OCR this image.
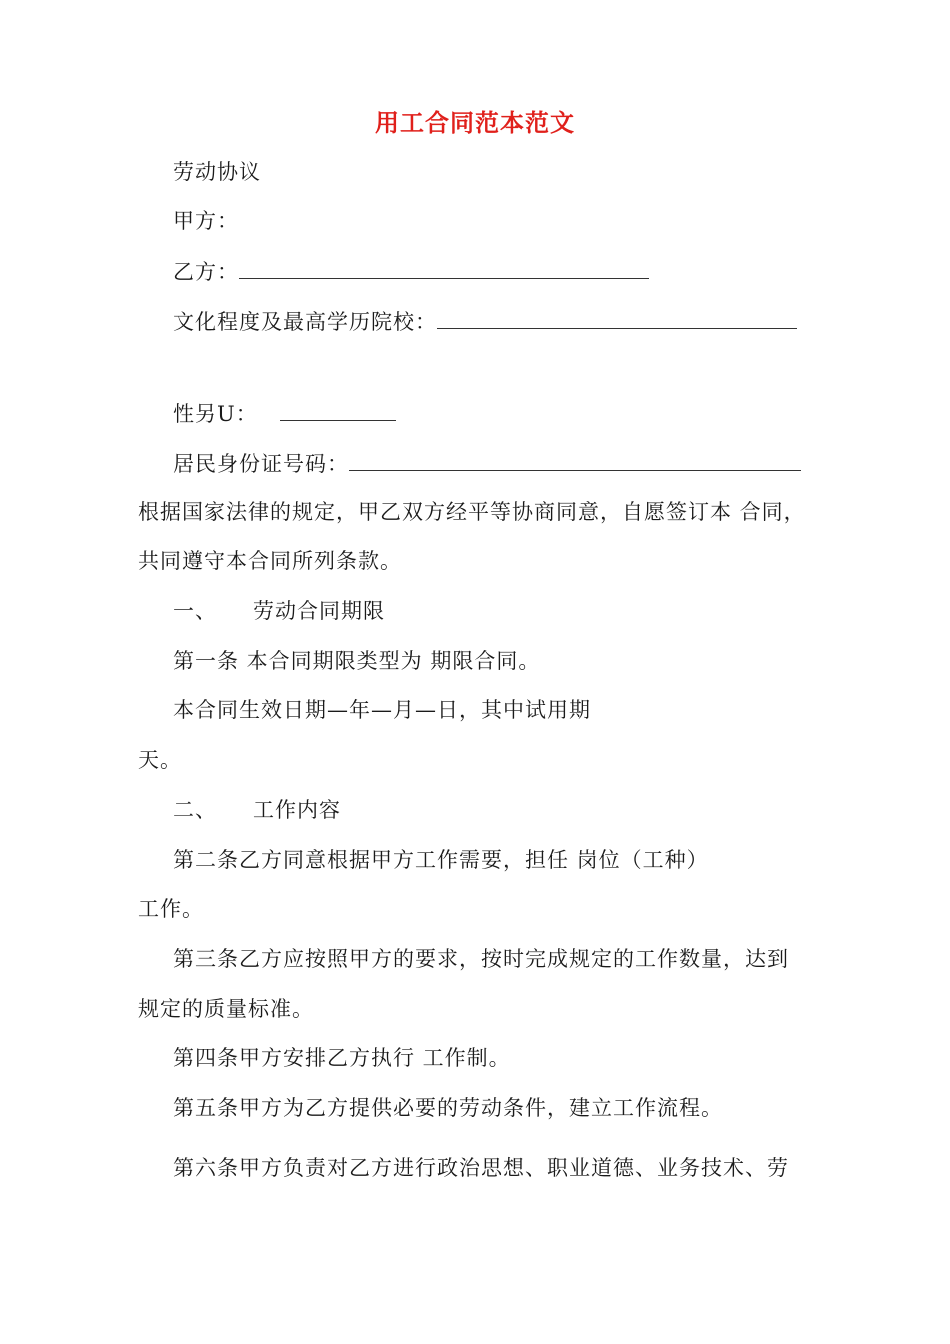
用工合同范本范文
劳动协议
甲方：
乙方：
文化程度及最高学历院校：
性另U：
居民身份证号码：
根据国家法律的规定，甲乙双方经平等协商同意，自愿签订本 合同，
共同遵守本合同所列条款。
一、 劳动合同期限
第一条 本合同期限类型为 期限合同。
本合同生效日期—年—月—日，其中试用期
天。
二、 工作内容
第二条乙方同意根据甲方工作需要，担任 岗位（工种）
工作。
第三条乙方应按照甲方的要求，按时完成规定的工作数量，达到
规定的质量标准。
第四条甲方安排乙方执行 工作制。
第五条甲方为乙方提供必要的劳动条件，建立工作流程。
第六条甲方负责对乙方进行政治思想、职业道德、业务技术、劳
